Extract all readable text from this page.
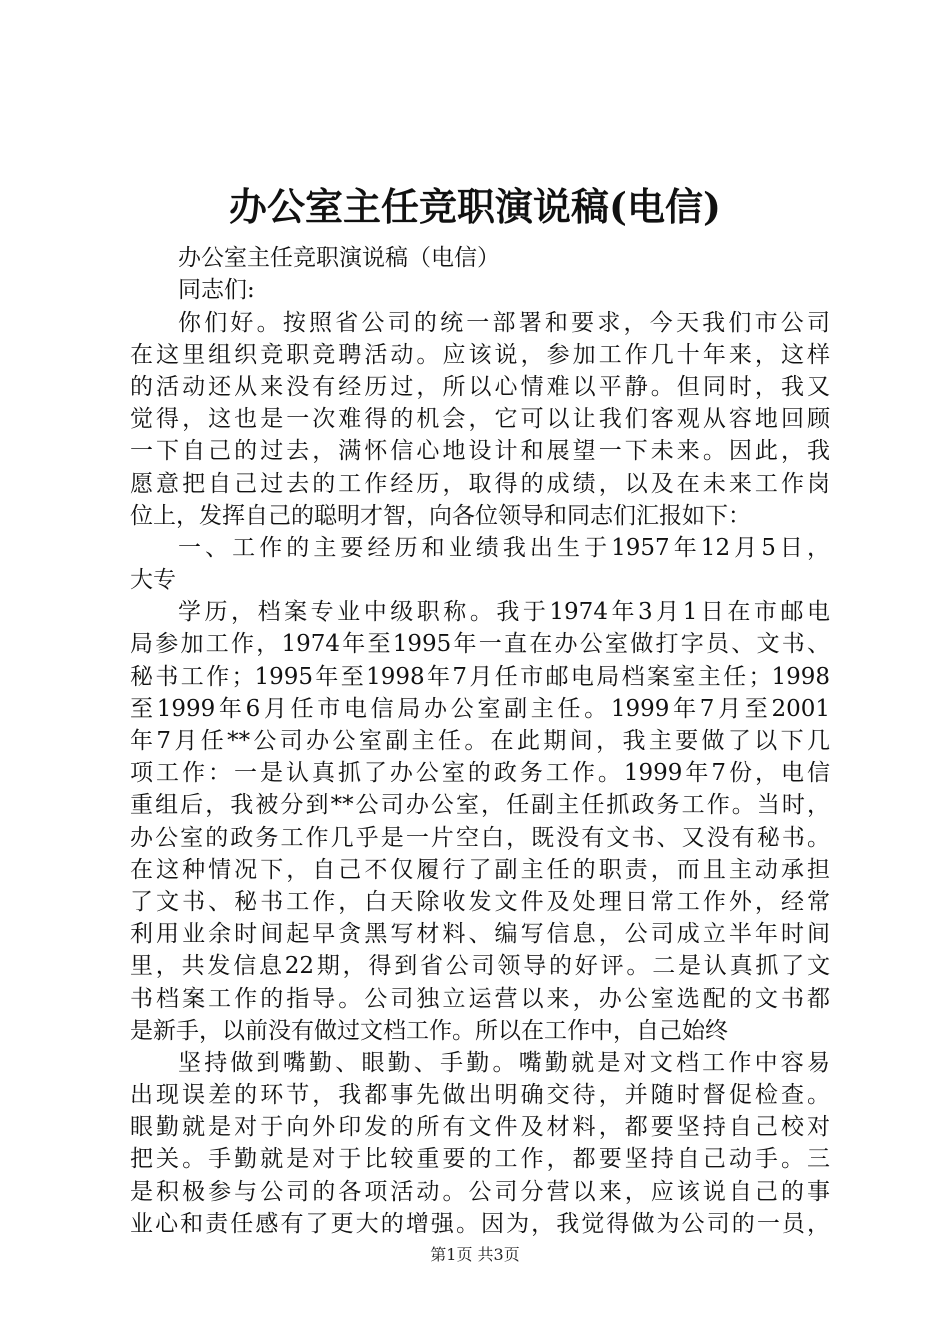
办公室主任竞职演说稿(电信)
办公室主任竞职演说稿（电信）
同志们:
你们好。按照省公司的统一部署和要求，今天我们市公司
在这里组织竞职竞聘活动。应该说，参加工作几十年来，这样
的活动还从来没有经历过，所以心情难以平静。但同时，我又
觉得，这也是一次难得的机会，它可以让我们客观从容地回顾
一下自己的过去，满怀信心地设计和展望一下未来。因此，我
愿意把自己过去的工作经历，取得的成绩，以及在未来工作岗
位上，发挥自己的聪明才智，向各位领导和同志们汇报如下：
一、工作的主要经历和业绩我出生于1957年12月5日，
大专
学历，档案专业中级职称。我于1974年3月1日在市邮电
局参加工作，1974年至1995年一直在办公室做打字员、文书、
秘书工作；1995年至1998年7月任市邮电局档案室主任；1998
至1999年6月任市电信局办公室副主任。1999年7月至2001
年7月任**公司办公室副主任。在此期间，我主要做了以下几
项工作：一是认真抓了办公室的政务工作。1999年7份，电信
重组后，我被分到**公司办公室，任副主任抓政务工作。当时，
办公室的政务工作几乎是一片空白，既没有文书、又没有秘书。
在这种情况下，自己不仅履行了副主任的职责，而且主动承担
了文书、秘书工作，白天除收发文件及处理日常工作外，经常
利用业余时间起早贪黑写材料、编写信息，公司成立半年时间
里，共发信息22期，得到省公司领导的好评。二是认真抓了文
书档案工作的指导。公司独立运营以来，办公室选配的文书都
是新手，以前没有做过文档工作。所以在工作中，自己始终
坚持做到嘴勤、眼勤、手勤。嘴勤就是对文档工作中容易
出现误差的环节，我都事先做出明确交待，并随时督促检查。
眼勤就是对于向外印发的所有文件及材料，都要坚持自己校对
把关。手勤就是对于比较重要的工作，都要坚持自己动手。三
是积极参与公司的各项活动。公司分营以来，应该说自己的事
业心和责任感有了更大的增强。因为，我觉得做为公司的一员，
第1页 共3页
